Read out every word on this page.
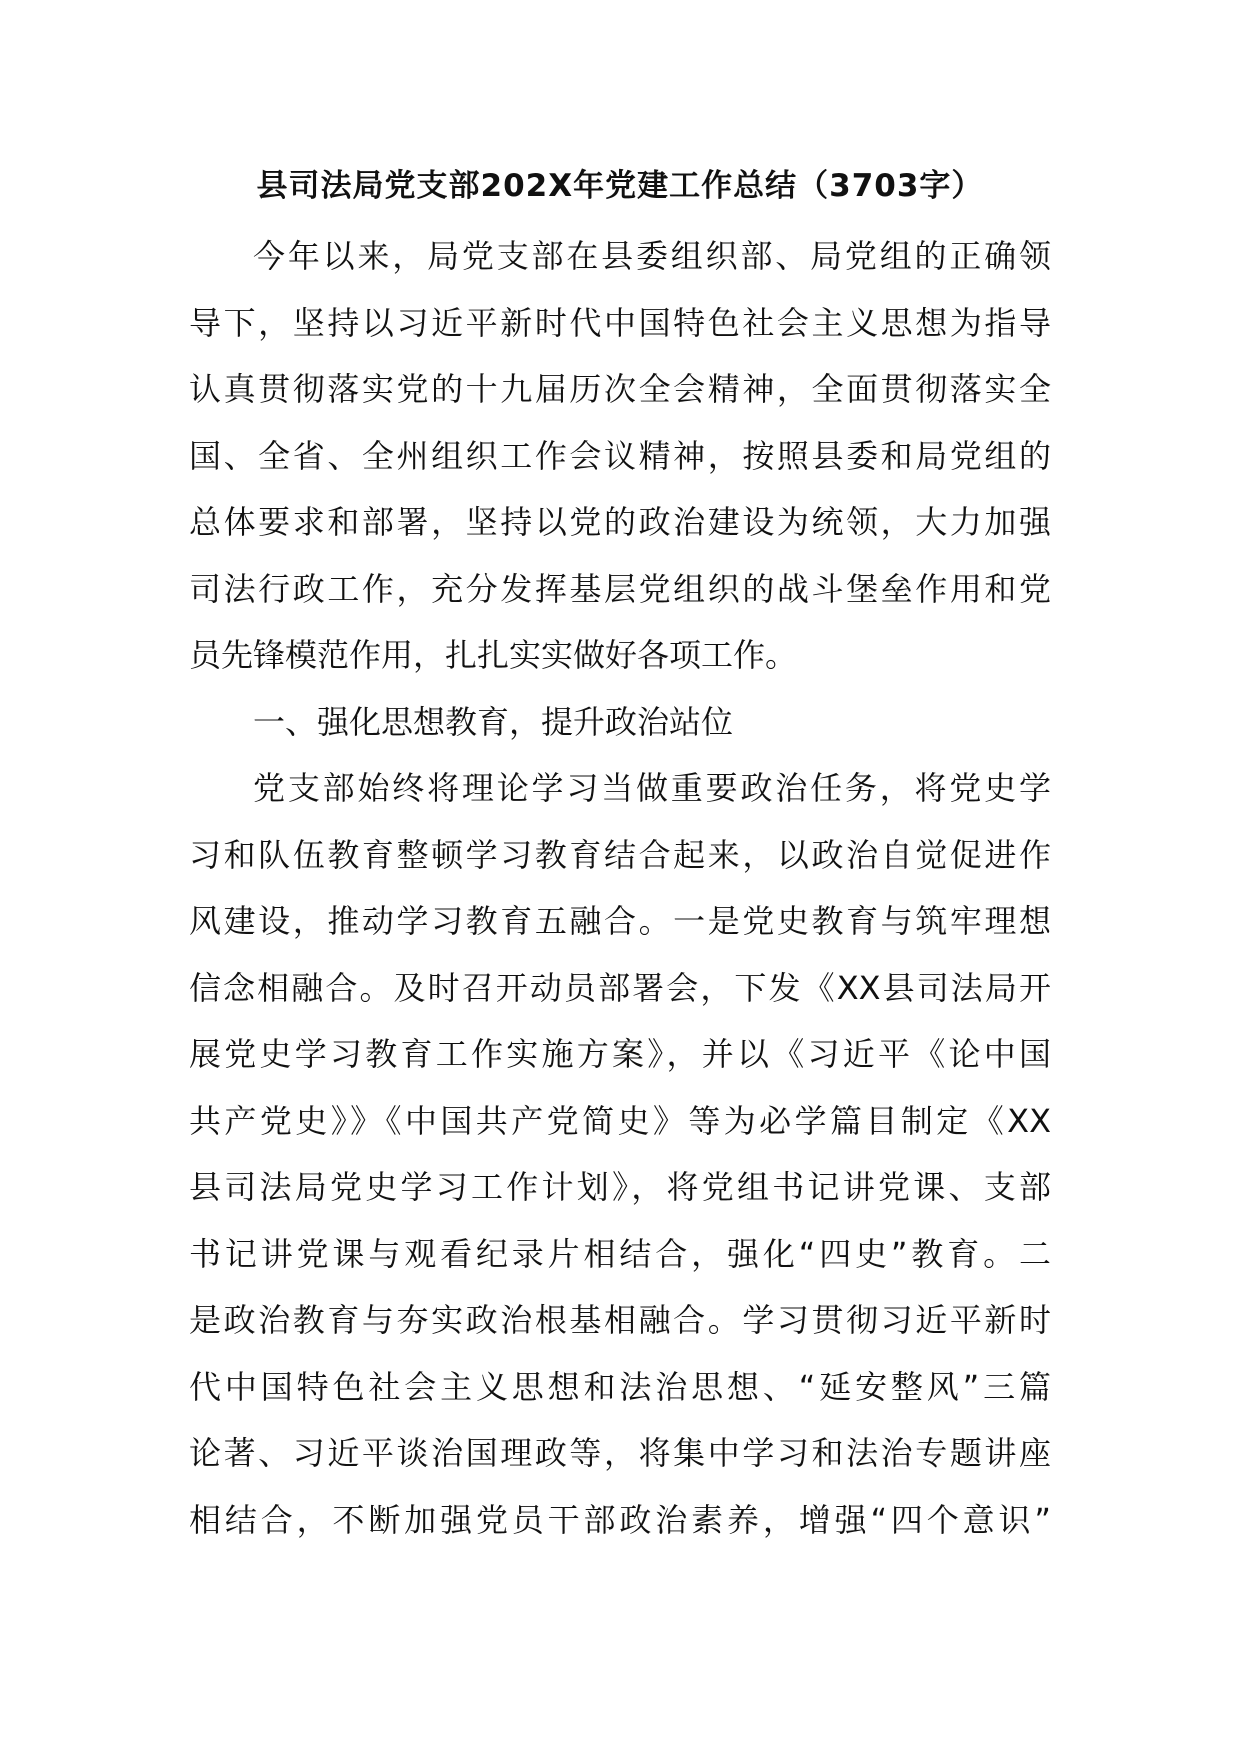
县司法局党支部202X年党建工作总结（3703字）
今年以来，局党支部在县委组织部、局党组的正确领
导下，坚持以习近平新时代中国特色社会主义思想为指导
认真贯彻落实党的十九届历次全会精神，全面贯彻落实全
国、全省、全州组织工作会议精神，按照县委和局党组的
总体要求和部署，坚持以党的政治建设为统领，大力加强
司法行政工作，充分发挥基层党组织的战斗堡垒作用和党
员先锋模范作用，扎扎实实做好各项工作。
一、强化思想教育，提升政治站位
党支部始终将理论学习当做重要政治任务，将党史学
习和队伍教育整顿学习教育结合起来，以政治自觉促进作
风建设，推动学习教育五融合。一是党史教育与筑牢理想
信念相融合。及时召开动员部署会，下发《XX县司法局开
展党史学习教育工作实施方案》，并以《习近平《论中国
共产党史》》《中国共产党简史》等为必学篇目制定《XX
县司法局党史学习工作计划》，将党组书记讲党课、支部
书记讲党课与观看纪录片相结合，强化“四史”教育。二
是政治教育与夯实政治根基相融合。学习贯彻习近平新时
代中国特色社会主义思想和法治思想、“延安整风”三篇
论著、习近平谈治国理政等，将集中学习和法治专题讲座
相结合，不断加强党员干部政治素养，增强“四个意识”
